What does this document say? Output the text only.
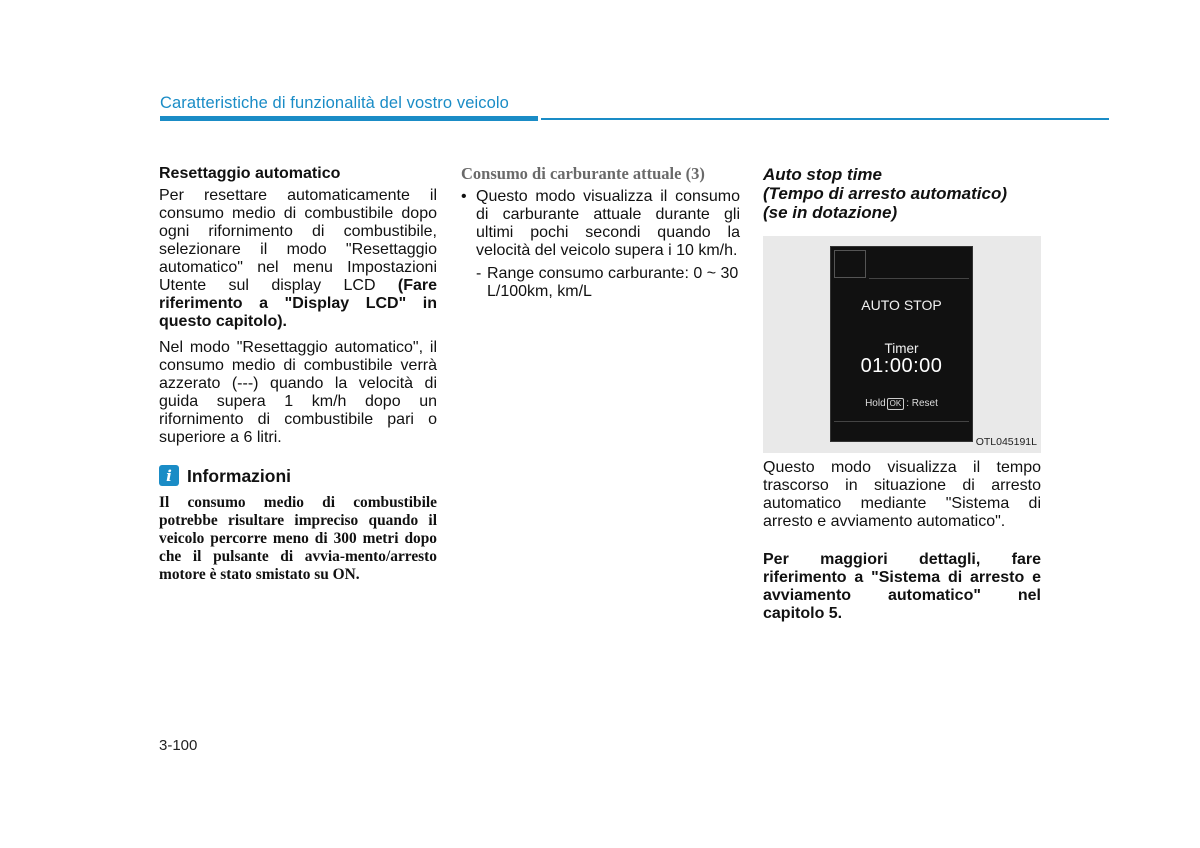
Caratteristiche di funzionalità del vostro veicolo
Resettaggio automatico

Per resettare automaticamente il consumo medio di combustibile dopo ogni rifornimento di combustibile, selezionare il modo "Resettaggio automatico" nel menu Impostazioni Utente sul display LCD (Fare riferimento a "Display LCD" in questo capitolo).

Nel modo "Resettaggio automatico", il consumo medio di combustibile verrà azzerato (---) quando la velocità di guida supera 1 km/h dopo un rifornimento di combustibile pari o superiore a 6 litri.

i Informazioni

Il consumo medio di combustibile potrebbe risultare impreciso quando il veicolo percorre meno di 300 metri dopo che il pulsante di avvia-mento/arresto motore è stato smistato su ON.

Consumo di carburante attuale (3)
• Questo modo visualizza il consumo di carburante attuale durante gli ultimi pochi secondi quando la velocità del veicolo supera i 10 km/h.
- Range consumo carburante: 0 ~ 30 L/100km, km/L
Auto stop time
(Tempo di arresto automatico)
(se in dotazione)
AUTO STOP
Timer
01:00:00
Hold OK : Reset
OTL045191L

Questo modo visualizza il tempo trascorso in situazione di arresto automatico mediante "Sistema di arresto e avviamento automatico".

Per maggiori dettagli, fare riferimento a "Sistema di arresto e avviamento automatico" nel capitolo 5.

3-100
